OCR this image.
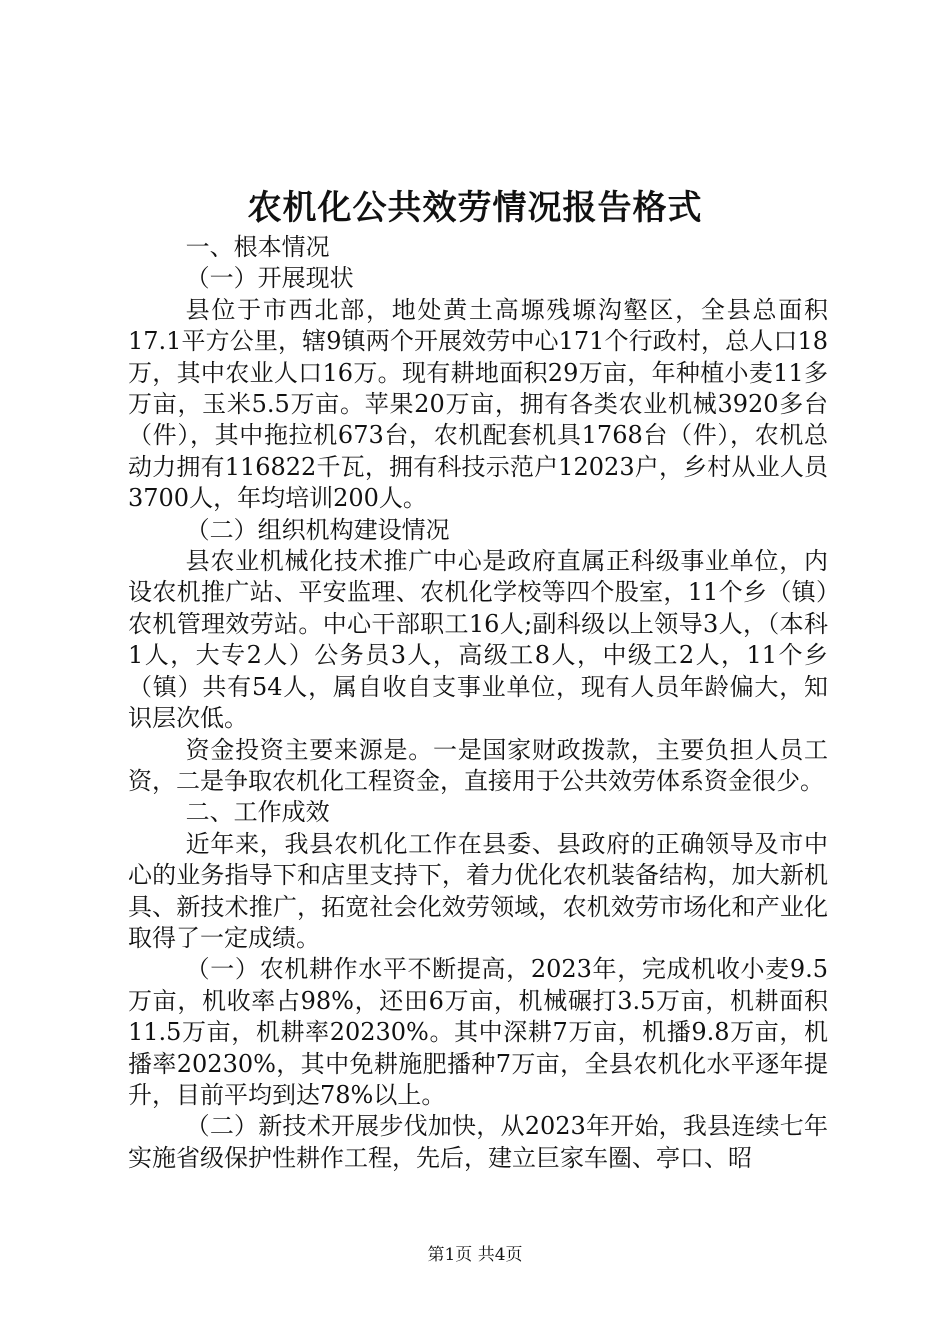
农机化公共效劳情况报告格式

一、根本情况

（一）开展现状

县位于市西北部，地处黄土高塬残塬沟壑区，全县总面积17.1平方公里，辖9镇两个开展效劳中心171个行政村，总人口18万，其中农业人口16万。现有耕地面积29万亩，年种植小麦11多万亩，玉米5.5万亩。苹果20万亩，拥有各类农业机械3920多台（件），其中拖拉机673台，农机配套机具1768台（件），农机总动力拥有116822千瓦，拥有科技示范户12023户，乡村从业人员3700人，年均培训200人。

（二）组织机构建设情况

县农业机械化技术推广中心是政府直属正科级事业单位，内设农机推广站、平安监理、农机化学校等四个股室，11个乡（镇）农机管理效劳站。中心干部职工16人;副科级以上领导3人，（本科1人，大专2人）公务员3人，高级工8人，中级工2人，11个乡（镇）共有54人，属自收自支事业单位，现有人员年龄偏大，知识层次低。

资金投资主要来源是。一是国家财政拨款，主要负担人员工资，二是争取农机化工程资金，直接用于公共效劳体系资金很少。

二、工作成效

近年来，我县农机化工作在县委、县政府的正确领导及市中心的业务指导下和店里支持下，着力优化农机装备结构，加大新机具、新技术推广，拓宽社会化效劳领域，农机效劳市场化和产业化取得了一定成绩。

（一）农机耕作水平不断提高，2023年，完成机收小麦9.5万亩，机收率占98%，还田6万亩，机械碾打3.5万亩，机耕面积11.5万亩，机耕率20230%。其中深耕7万亩，机播9.8万亩，机播率20230%，其中免耕施肥播种7万亩，全县农机化水平逐年提升，目前平均到达78%以上。

（二）新技术开展步伐加快，从2023年开始，我县连续七年实施省级保护性耕作工程，先后，建立巨家车圈、亭口、昭

第1页 共4页
